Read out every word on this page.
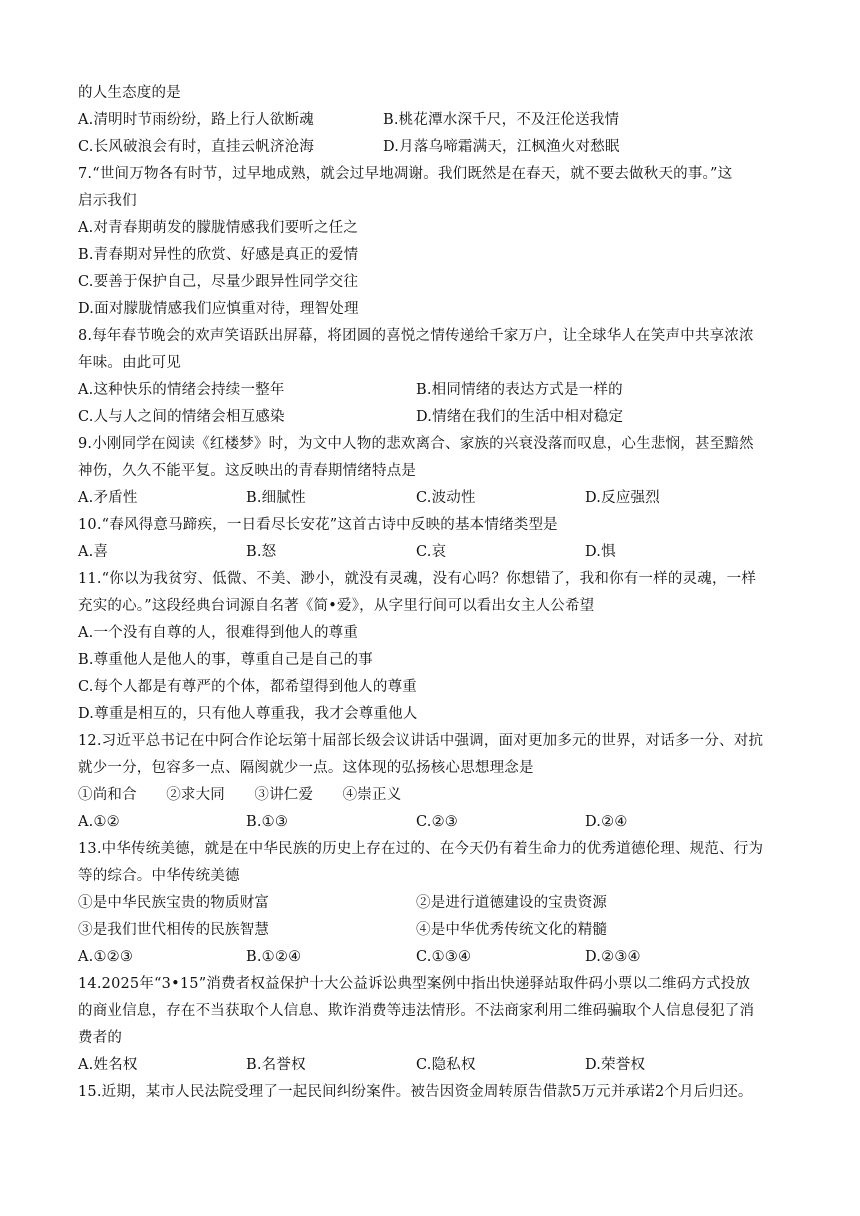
的人生态度的是
A.清明时节雨纷纷，路上行人欲断魂	B.桃花潭水深千尺，不及汪伦送我情
C.长风破浪会有时，直挂云帆济沧海	D.月落乌啼霜满天，江枫渔火对愁眠
7.“世间万物各有时节，过早地成熟，就会过早地凋谢。我们既然是在春天，就不要去做秋天的事。”这
启示我们
A.对青春期萌发的朦胧情感我们要听之任之
B.青春期对异性的欣赏、好感是真正的爱情
C.要善于保护自己，尽量少跟异性同学交往
D.面对朦胧情感我们应慎重对待，理智处理
8.每年春节晚会的欢声笑语跃出屏幕，将团圆的喜悦之情传递给千家万户，让全球华人在笑声中共享浓浓
年味。由此可见
A.这种快乐的情绪会持续一整年	B.相同情绪的表达方式是一样的
C.人与人之间的情绪会相互感染	D.情绪在我们的生活中相对稳定
9.小刚同学在阅读《红楼梦》时，为文中人物的悲欢离合、家族的兴衰没落而叹息，心生悲悯，甚至黯然
神伤，久久不能平复。这反映出的青春期情绪特点是
A.矛盾性	B.细腻性	C.波动性	D.反应强烈
10.“春风得意马蹄疾，一日看尽长安花”这首古诗中反映的基本情绪类型是
A.喜	B.怒	C.哀	D.惧
11.“你以为我贫穷、低微、不美、渺小，就没有灵魂，没有心吗？你想错了，我和你有一样的灵魂，一样
充实的心。”这段经典台词源自名著《简•爱》，从字里行间可以看出女主人公希望
A.一个没有自尊的人，很难得到他人的尊重
B.尊重他人是他人的事，尊重自己是自己的事
C.每个人都是有尊严的个体，都希望得到他人的尊重
D.尊重是相互的，只有他人尊重我，我才会尊重他人
12.习近平总书记在中阿合作论坛第十届部长级会议讲话中强调，面对更加多元的世界，对话多一分、对抗
就少一分，包容多一点、隔阂就少一点。这体现的弘扬核心思想理念是
①尚和合　　②求大同　　③讲仁爱　　④崇正义
A.①②	B.①③	C.②③	D.②④
13.中华传统美德，就是在中华民族的历史上存在过的、在今天仍有着生命力的优秀道德伦理、规范、行为
等的综合。中华传统美德
①是中华民族宝贵的物质财富	②是进行道德建设的宝贵资源
③是我们世代相传的民族智慧	④是中华优秀传统文化的精髓
A.①②③	B.①②④	C.①③④	D.②③④
14.2025年“3•15”消费者权益保护十大公益诉讼典型案例中指出快递驿站取件码小票以二维码方式投放
的商业信息，存在不当获取个人信息、欺诈消费等违法情形。不法商家利用二维码骗取个人信息侵犯了消
费者的
A.姓名权	B.名誉权	C.隐私权	D.荣誉权
15.近期，某市人民法院受理了一起民间纠纷案件。被告因资金周转原告借款5万元并承诺2个月后归还。
